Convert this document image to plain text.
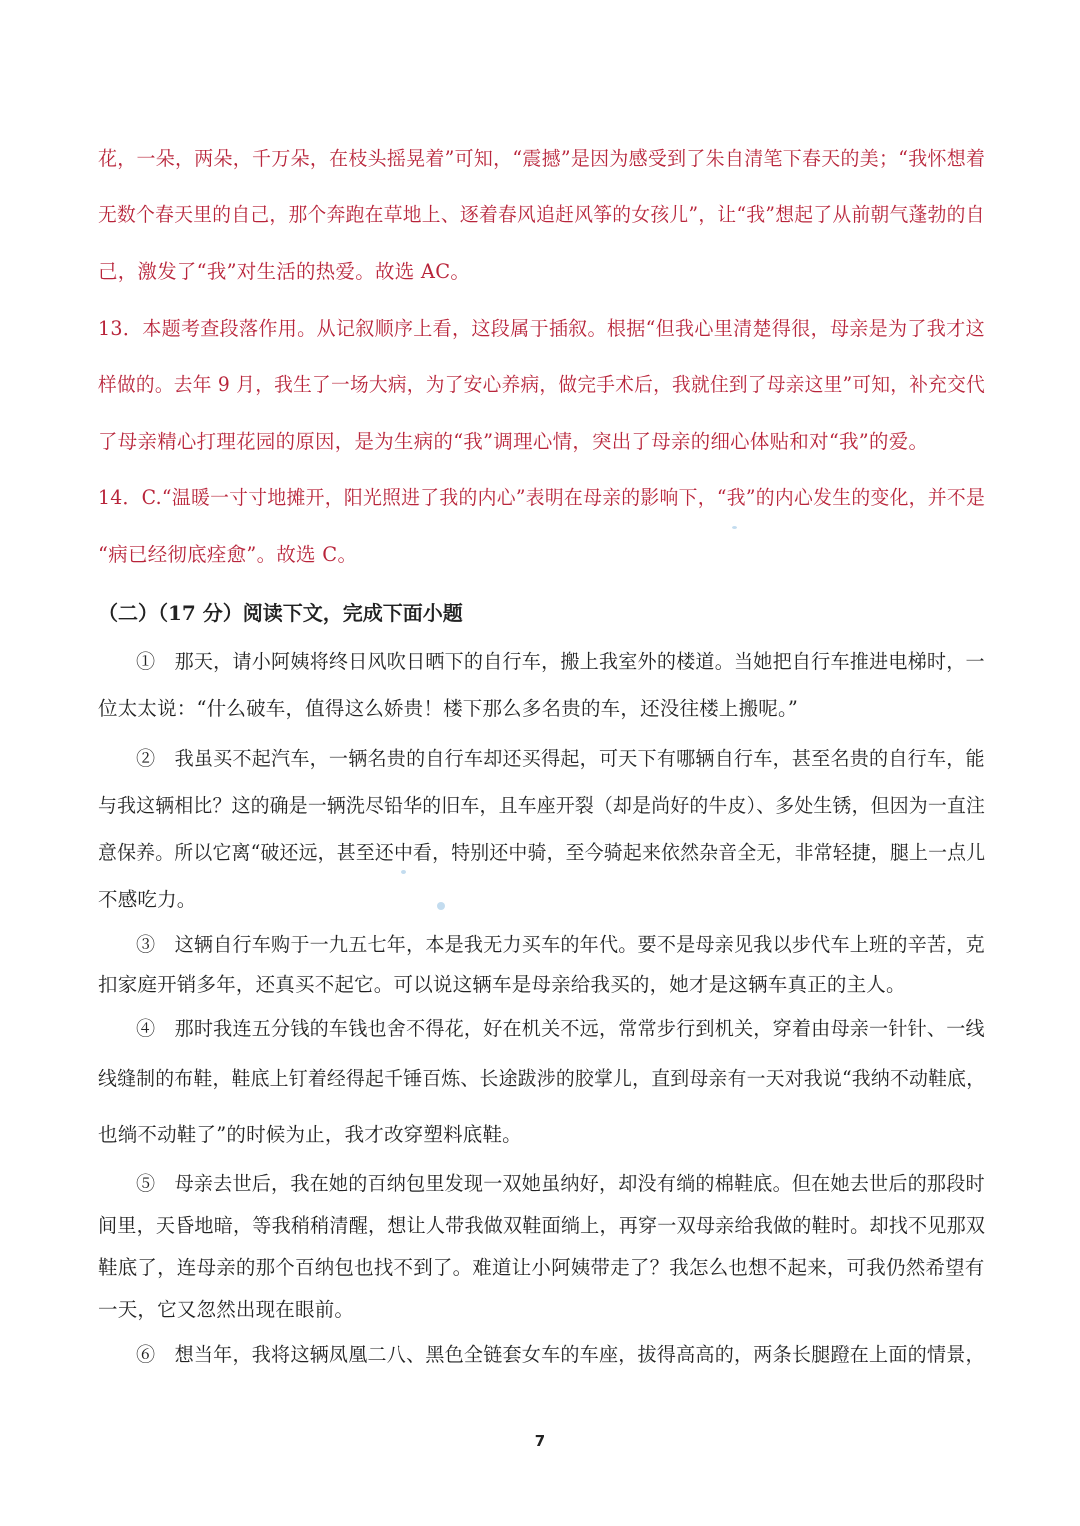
花，一朵，两朵，千万朵，在枝头摇晃着”可知，“震撼”是因为感受到了朱自清笔下春天的美；“我怀想着
无数个春天里的自己，那个奔跑在草地上、逐着春风追赶风筝的女孩儿”，让“我”想起了从前朝气蓬勃的自
己，激发了“我”对生活的热爱。故选 AC。
13．本题考查段落作用。从记叙顺序上看，这段属于插叙。根据“但我心里清楚得很，母亲是为了我才这
样做的。去年 9 月，我生了一场大病，为了安心养病，做完手术后，我就住到了母亲这里”可知，补充交代
了母亲精心打理花园的原因，是为生病的“我”调理心情，突出了母亲的细心体贴和对“我”的爱。
14．C.“温暖一寸寸地摊开，阳光照进了我的内心”表明在母亲的影响下，“我”的内心发生的变化，并不是
“病已经彻底痊愈”。故选 C。
（二）（17 分）阅读下文，完成下面小题
①　那天，请小阿姨将终日风吹日晒下的自行车，搬上我室外的楼道。当她把自行车推进电梯时，一
位太太说：“什么破车，值得这么娇贵！楼下那么多名贵的车，还没往楼上搬呢。”
②　我虽买不起汽车，一辆名贵的自行车却还买得起，可天下有哪辆自行车，甚至名贵的自行车，能
与我这辆相比？这的确是一辆洗尽铅华的旧车，且车座开裂（却是尚好的牛皮）、多处生锈，但因为一直注
意保养。所以它离“破还远，甚至还中看，特别还中骑，至今骑起来依然杂音全无，非常轻捷，腿上一点儿
不感吃力。
③　这辆自行车购于一九五七年，本是我无力买车的年代。要不是母亲见我以步代车上班的辛苦，克
扣家庭开销多年，还真买不起它。可以说这辆车是母亲给我买的，她才是这辆车真正的主人。
④　那时我连五分钱的车钱也舍不得花，好在机关不远，常常步行到机关，穿着由母亲一针针、一线
线缝制的布鞋，鞋底上钉着经得起千锤百炼、长途跋涉的胶掌儿，直到母亲有一天对我说“我纳不动鞋底，
也绱不动鞋了”的时候为止，我才改穿塑料底鞋。
⑤　母亲去世后，我在她的百纳包里发现一双她虽纳好，却没有绱的棉鞋底。但在她去世后的那段时
间里，天昏地暗，等我稍稍清醒，想让人带我做双鞋面绱上，再穿一双母亲给我做的鞋时。却找不见那双
鞋底了，连母亲的那个百纳包也找不到了。难道让小阿姨带走了？我怎么也想不起来，可我仍然希望有
一天，它又忽然出现在眼前。
⑥　想当年，我将这辆凤凰二八、黑色全链套女车的车座，拔得高高的，两条长腿蹬在上面的情景，
7
